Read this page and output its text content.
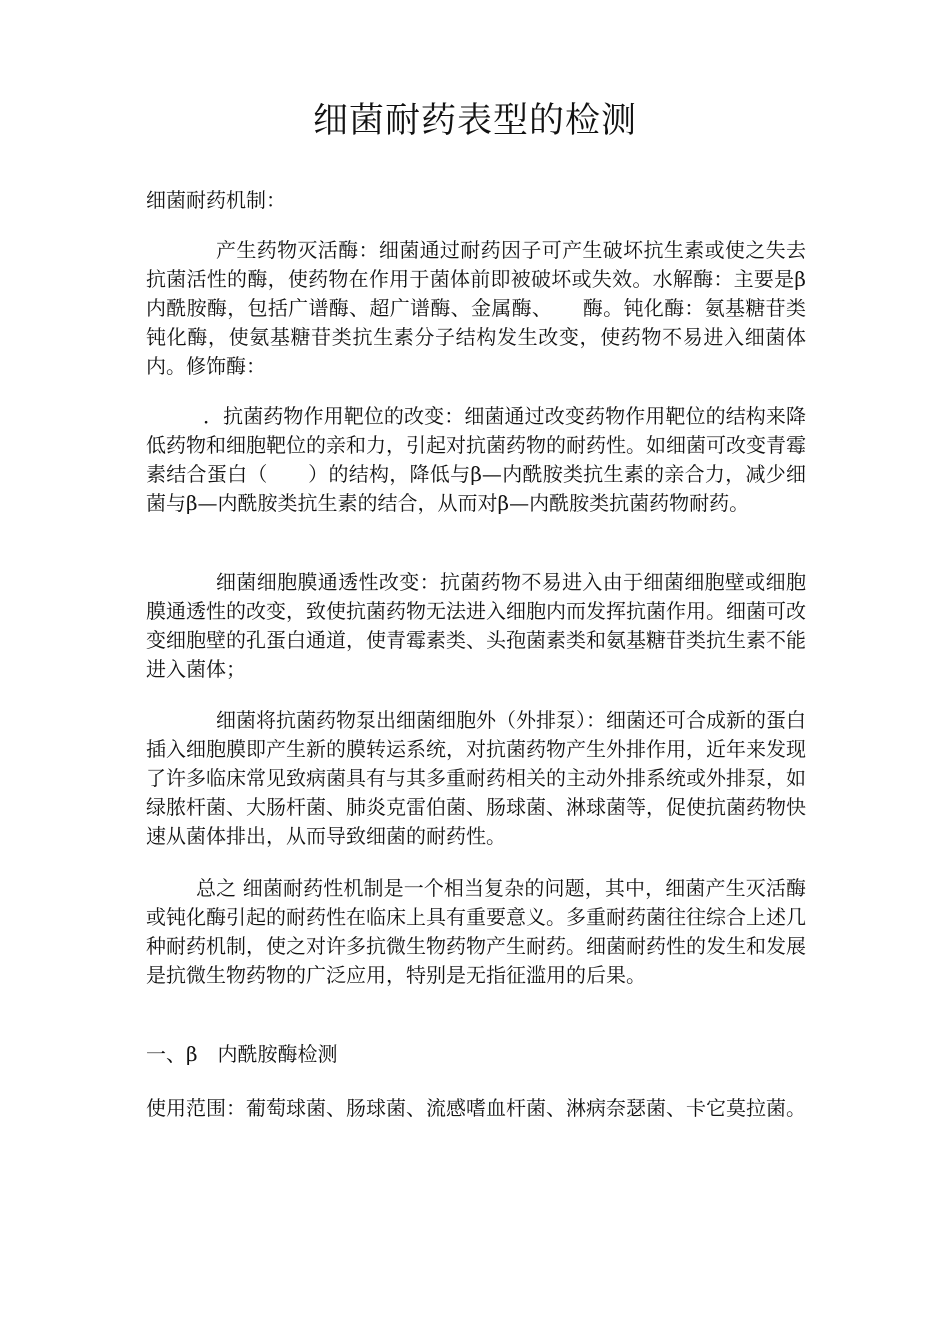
细菌耐药表型的检测

细菌耐药机制：

产生药物灭活酶：细菌通过耐药因子可产生破坏抗生素或使之失去抗菌活性的酶，使药物在作用于菌体前即被破坏或失效。水解酶：主要是β　内酰胺酶，包括广谱酶、超广谱酶、金属酶、　　酶。钝化酶：氨基糖苷类钝化酶，使氨基糖苷类抗生素分子结构发生改变，使药物不易进入细菌体内。修饰酶：

．抗菌药物作用靶位的改变：细菌通过改变药物作用靶位的结构来降低药物和细胞靶位的亲和力，引起对抗菌药物的耐药性。如细菌可改变青霉素结合蛋白（　　）的结构，降低与β—内酰胺类抗生素的亲合力，减少细菌与β—内酰胺类抗生素的结合，从而对β—内酰胺类抗菌药物耐药。

细菌细胞膜通透性改变：抗菌药物不易进入由于细菌细胞壁或细胞膜通透性的改变，致使抗菌药物无法进入细胞内而发挥抗菌作用。细菌可改变细胞壁的孔蛋白通道，使青霉素类、头孢菌素类和氨基糖苷类抗生素不能进入菌体；

细菌将抗菌药物泵出细菌细胞外（外排泵）：细菌还可合成新的蛋白插入细胞膜即产生新的膜转运系统，对抗菌药物产生外排作用，近年来发现了许多临床常见致病菌具有与其多重耐药相关的主动外排系统或外排泵，如绿脓杆菌、大肠杆菌、肺炎克雷伯菌、肠球菌、淋球菌等，促使抗菌药物快速从菌体排出，从而导致细菌的耐药性。

总之 细菌耐药性机制是一个相当复杂的问题，其中，细菌产生灭活酶或钝化酶引起的耐药性在临床上具有重要意义。多重耐药菌往往综合上述几种耐药机制，使之对许多抗微生物药物产生耐药。细菌耐药性的发生和发展是抗微生物药物的广泛应用，特别是无指征滥用的后果。

一、β　内酰胺酶检测

使用范围： 葡萄球菌、肠球菌、流感嗜血杆菌、淋病奈瑟菌、卡它莫拉菌。
